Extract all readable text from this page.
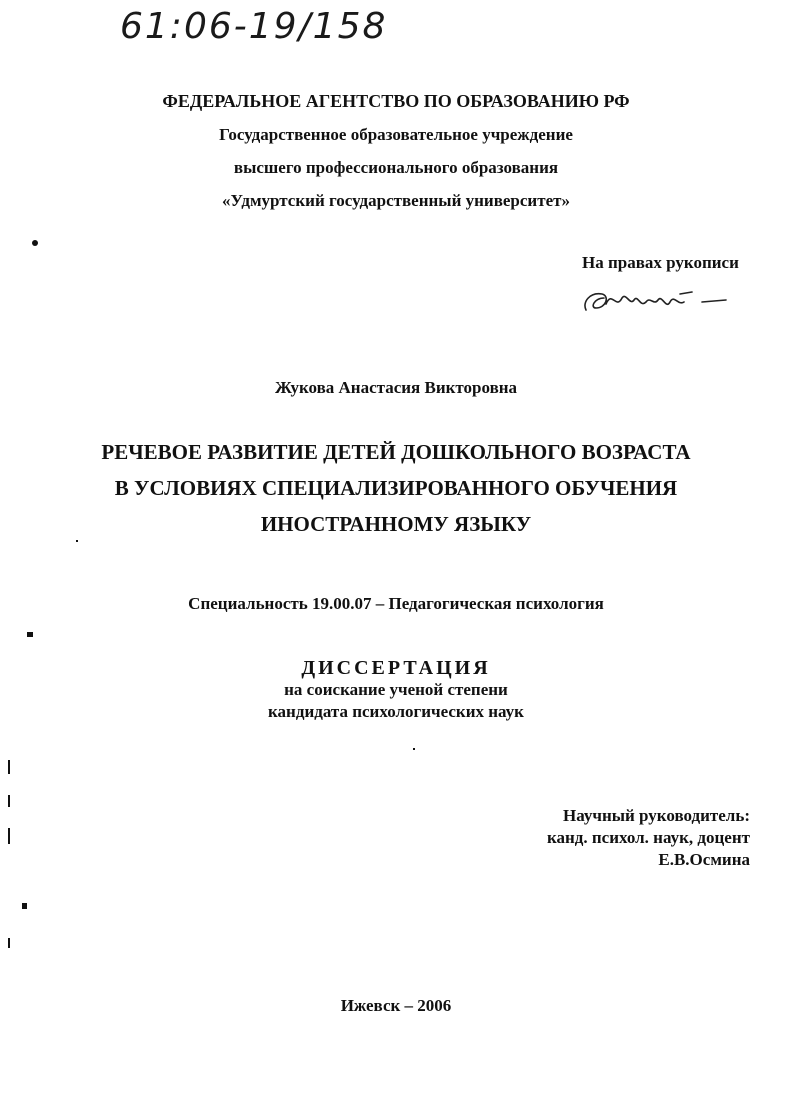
61:06-19/158
ФЕДЕРАЛЬНОЕ АГЕНТСТВО ПО ОБРАЗОВАНИЮ РФ
Государственное образовательное учреждение
высшего профессионального образования
«Удмуртский государственный университет»
На правах рукописи
Жукова Анастасия Викторовна
РЕЧЕВОЕ РАЗВИТИЕ ДЕТЕЙ ДОШКОЛЬНОГО ВОЗРАСТА
В УСЛОВИЯХ СПЕЦИАЛИЗИРОВАННОГО ОБУЧЕНИЯ
ИНОСТРАННОМУ ЯЗЫКУ
Специальность 19.00.07 – Педагогическая психология
ДИССЕРТАЦИЯ
на соискание ученой степени
кандидата психологических наук
Научный руководитель:
канд. психол. наук, доцент
Е.В.Осмина
Ижевск – 2006
